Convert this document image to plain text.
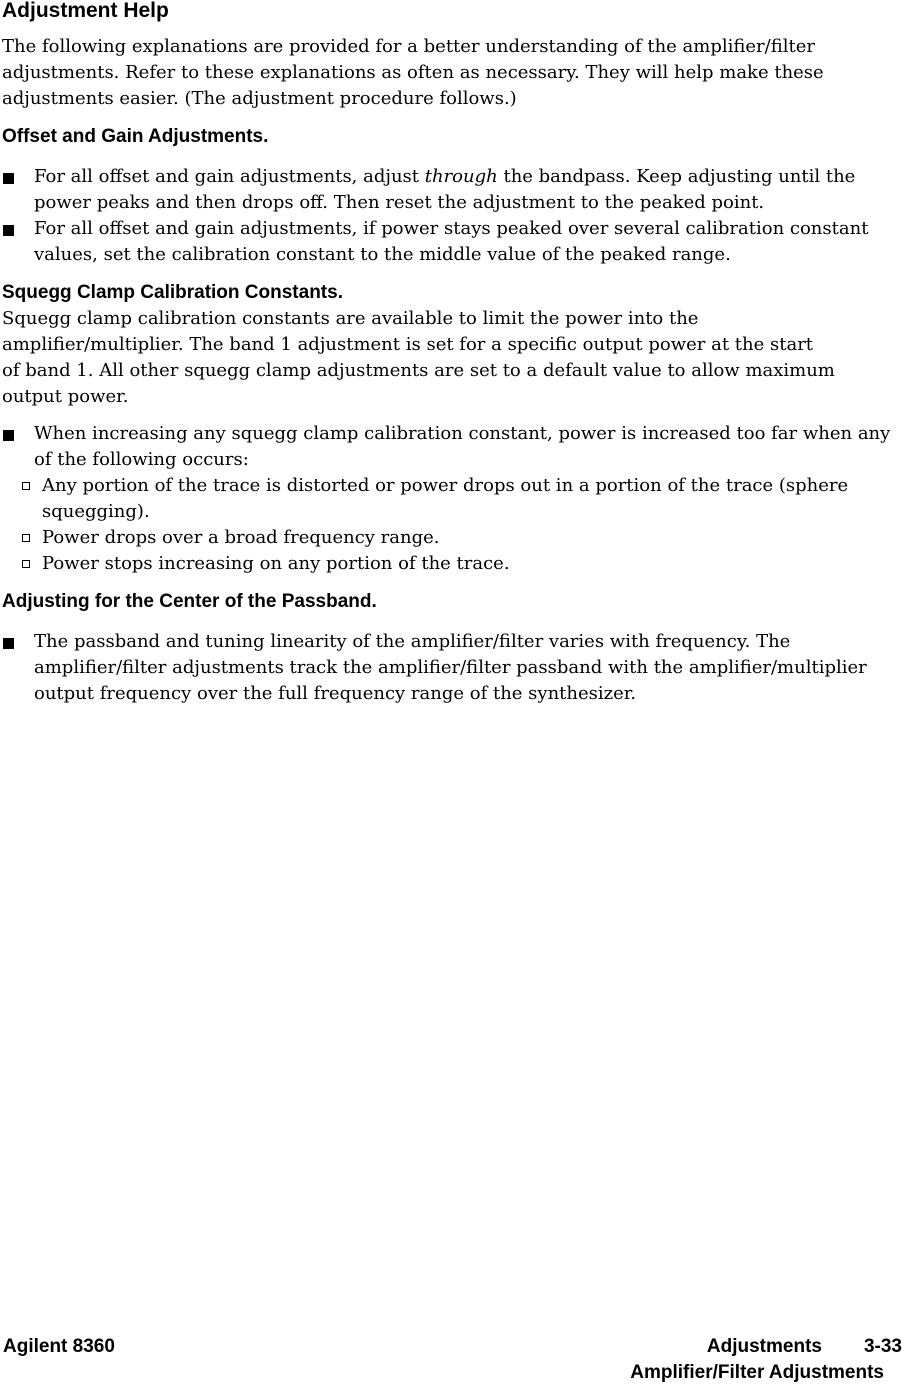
Adjustment Help
The following explanations are provided for a better understanding of the amplifier/filter
adjustments. Refer to these explanations as often as necessary. They will help make these
adjustments easier. (The adjustment procedure follows.)
Offset and Gain Adjustments.
For all offset and gain adjustments, adjust through the bandpass. Keep adjusting until the
power peaks and then drops off. Then reset the adjustment to the peaked point.
For all offset and gain adjustments, if power stays peaked over several calibration constant
values, set the calibration constant to the middle value of the peaked range.
Squegg Clamp Calibration Constants.
Squegg clamp calibration constants are available to limit the power into the
amplifier/multiplier. The band 1 adjustment is set for a specific output power at the start
of band 1. All other squegg clamp adjustments are set to a default value to allow maximum
output power.
When increasing any squegg clamp calibration constant, power is increased too far when any
of the following occurs:
Any portion of the trace is distorted or power drops out in a portion of the trace (sphere
squegging).
Power drops over a broad frequency range.
Power stops increasing on any portion of the trace.
Adjusting for the Center of the Passband.
The passband and tuning linearity of the amplifier/filter varies with frequency. The
amplifier/filter adjustments track the amplifier/filter passband with the amplifier/multiplier
output frequency over the full frequency range of the synthesizer.
Agilent 8360	Adjustments 3-33
Amplifier/Filter Adjustments
